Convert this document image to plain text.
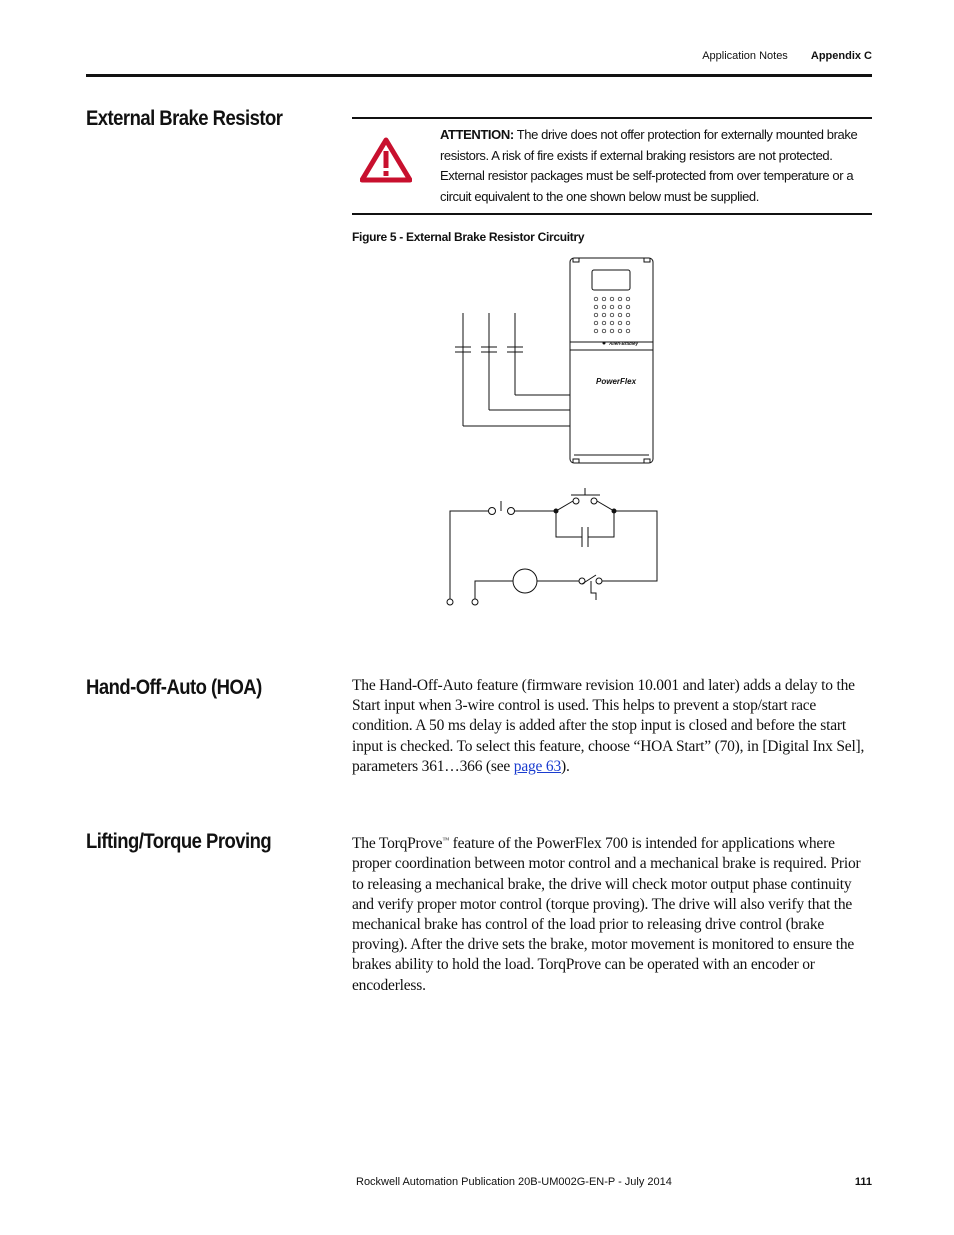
Application Notes Appendix C
External Brake Resistor
ATTENTION: The drive does not offer protection for externally mounted brake resistors. A risk of fire exists if external braking resistors are not protected. External resistor packages must be self-protected from over temperature or a circuit equivalent to the one shown below must be supplied.
Figure 5 - External Brake Resistor Circuitry
Allen-Bradley
PowerFlex
Hand-Off-Auto (HOA)	The Hand-Off-Auto feature (firmware revision 10.001 and later) adds a delay to the Start input when 3-wire control is used. This helps to prevent a stop/start race condition. A 50 ms delay is added after the stop input is closed and before the start input is checked. To select this feature, choose “HOA Start” (70), in [Digital Inx Sel], parameters 361…366 (see page 63).
Lifting/Torque Proving	The TorqProve™ feature of the PowerFlex 700 is intended for applications where proper coordination between motor control and a mechanical brake is required. Prior to releasing a mechanical brake, the drive will check motor output phase continuity and verify proper motor control (torque proving). The drive will also verify that the mechanical brake has control of the load prior to releasing drive control (brake proving). After the drive sets the brake, motor movement is monitored to ensure the brakes ability to hold the load. TorqProve can be operated with an encoder or encoderless.
Rockwell Automation Publication 20B-UM002G-EN-P - July 2014	111
